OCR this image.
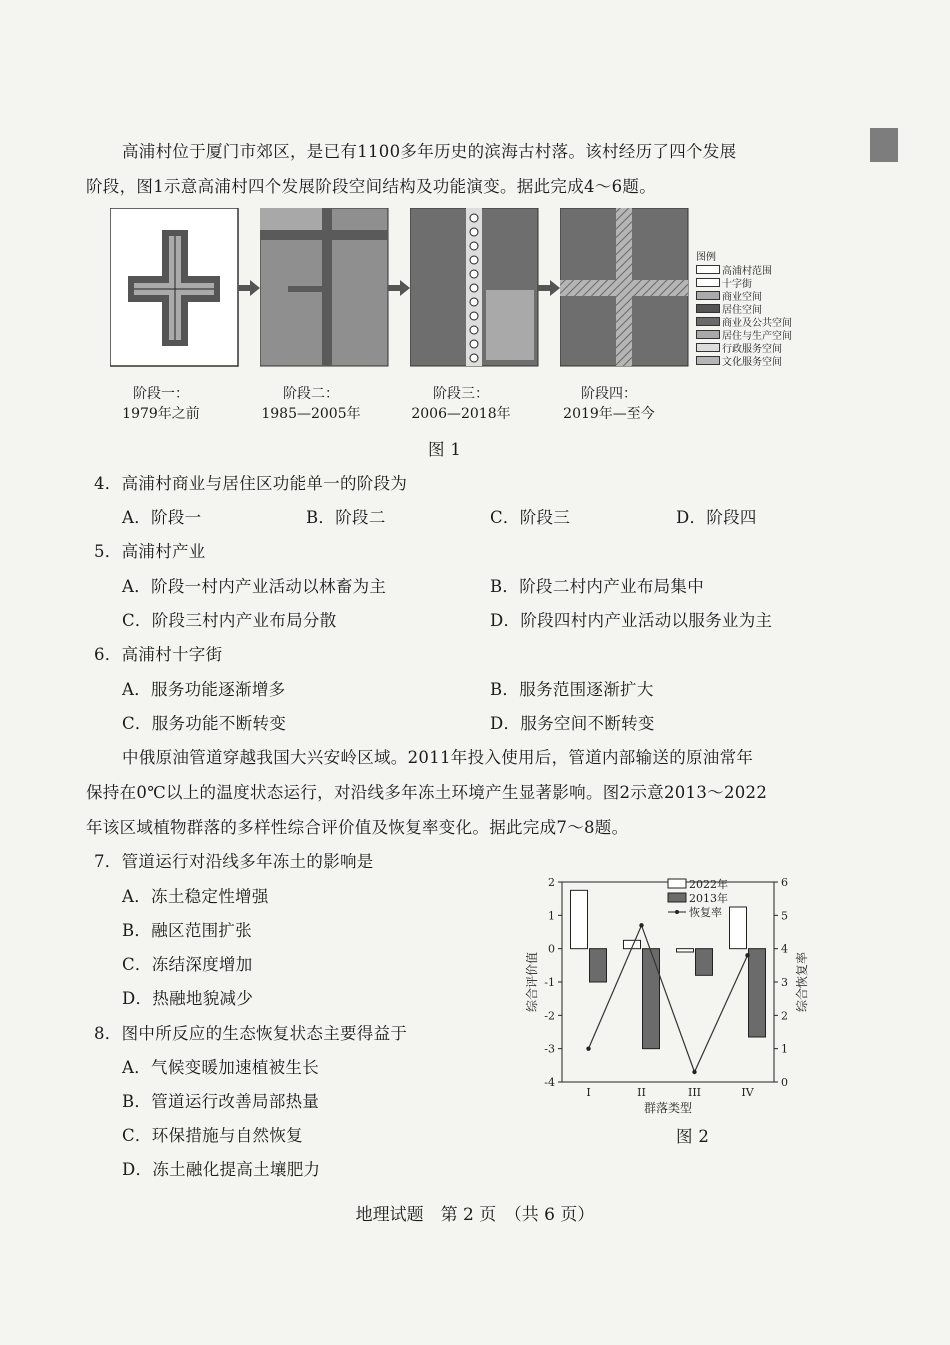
高浦村位于厦门市郊区，是已有1100多年历史的滨海古村落。该村经历了四个发展
阶段，图1示意高浦村四个发展阶段空间结构及功能演变。据此完成4～6题。
图例
高浦村范围
十字街
商业空间
居住空间
商业及公共空间
居住与生产空间
行政服务空间
文化服务空间
阶段一：
1979年之前
阶段二：
1985—2005年
阶段三：
2006—2018年
阶段四：
2019年—至今
图 1
4．高浦村商业与居住区功能单一的阶段为
A．阶段一	B．阶段二	C．阶段三	D．阶段四
5．高浦村产业
A．阶段一村内产业活动以林畜为主	B．阶段二村内产业布局集中
C．阶段三村内产业布局分散	D．阶段四村内产业活动以服务业为主
6．高浦村十字街
A．服务功能逐渐增多	B．服务范围逐渐扩大
C．服务功能不断转变	D．服务空间不断转变
中俄原油管道穿越我国大兴安岭区域。2011年投入使用后，管道内部输送的原油常年
保持在0℃以上的温度状态运行，对沿线多年冻土环境产生显著影响。图2示意2013～2022
年该区域植物群落的多样性综合评价值及恢复率变化。据此完成7～8题。
7．管道运行对沿线多年冻土的影响是
A．冻土稳定性增强
B．融区范围扩张
C．冻结深度增加
D．热融地貌减少
8．图中所反应的生态恢复状态主要得益于
A．气候变暖加速植被生长
B．管道运行改善局部热量
C．环保措施与自然恢复
D．冻土融化提高土壤肥力
2
1
0
-1
-2
-3
-4
6
5
4
3
2
1
0
综合评价值	综合恢复率
群落类型
I	II	III	IV
2022年
2013年
恢复率
图 2
地理试题　第 2 页　（共 6 页）
